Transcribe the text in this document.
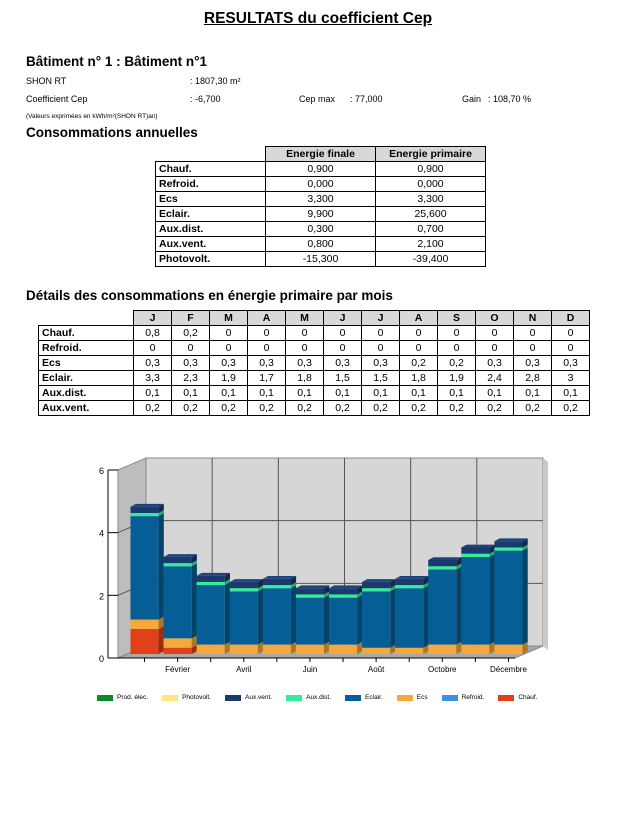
RESULTATS du coefficient Cep
Bâtiment n° 1 : Bâtiment n°1
SHON RT	: 1807,30 m²
Coefficient Cep	: -6,700	Cep max : 77,000	Gain : 108,70 %
(Valeurs exprimées en kWh/m²(SHON RT)an)
Consommations annuelles
	Energie finale	Energie primaire
Chauf.	0,900	0,900
Refroid.	0,000	0,000
Ecs	3,300	3,300
Eclair.	9,900	25,600
Aux.dist.	0,300	0,700
Aux.vent.	0,800	2,100
Photovolt.	-15,300	-39,400
Détails des consommations en énergie primaire par mois
	J	F	M	A	M	J	J	A	S	O	N	D
Chauf.	0,8	0,2	0	0	0	0	0	0	0	0	0	0
Refroid.	0	0	0	0	0	0	0	0	0	0	0	0
Ecs	0,3	0,3	0,3	0,3	0,3	0,3	0,3	0,2	0,2	0,3	0,3	0,3
Eclair.	3,3	2,3	1,9	1,7	1,8	1,5	1,5	1,8	1,9	2,4	2,8	3
Aux.dist.	0,1	0,1	0,1	0,1	0,1	0,1	0,1	0,1	0,1	0,1	0,1	0,1
Aux.vent.	0,2	0,2	0,2	0,2	0,2	0,2	0,2	0,2	0,2	0,2	0,2	0,2
0
2
4
6
Février	Avril	Juin	Août	Octobre	Décembre
Prod. élec.	Photovolt.	Aux.vent.	Aux.dist.	Eclair.	Ecs	Refroid.	Chauf.
